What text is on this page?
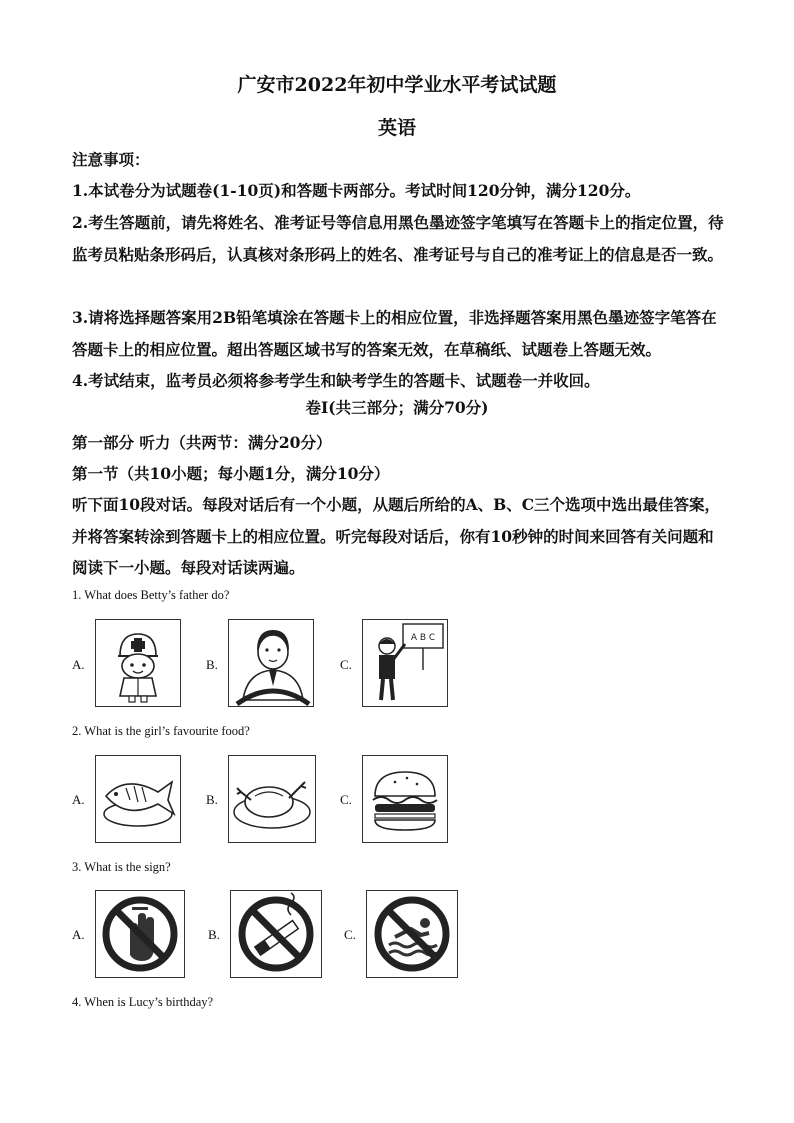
广安市2022年初中学业水平考试试题
英语
注意事项：
1.本试卷分为试题卷(1-10页)和答题卡两部分。考试时间120分钟，满分120分。
2.考生答题前，请先将姓名、准考证号等信息用黑色墨迹签字笔填写在答题卡上的指定位置，待监考员粘贴条形码后，认真核对条形码上的姓名、准考证号与自己的准考证上的信息是否一致。
3.请将选择题答案用2B铅笔填涂在答题卡上的相应位置，非选择题答案用黑色墨迹签字笔答在答题卡上的相应位置。超出答题区域书写的答案无效，在草稿纸、试题卷上答题无效。
4.考试结束，监考员必须将参考学生和缺考学生的答题卡、试题卷一并收回。
卷Ⅰ(共三部分；满分70分)
第一部分 听力（共两节：满分20分）
第一节（共10小题；每小题1分，满分10分）
听下面10段对话。每段对话后有一个小题，从题后所给的A、B、C三个选项中选出最佳答案，并将答案转涂到答题卡上的相应位置。听完每段对话后，你有10秒钟的时间来回答有关问题和阅读下一小题。每段对话读两遍。
1. What does Betty’s father do?
A.	B.	C.
A B C
2. What is the girl’s favourite food?
A.	B.	C.
3. What is the sign?
A.	B.	C.
4. When is Lucy’s birthday?
